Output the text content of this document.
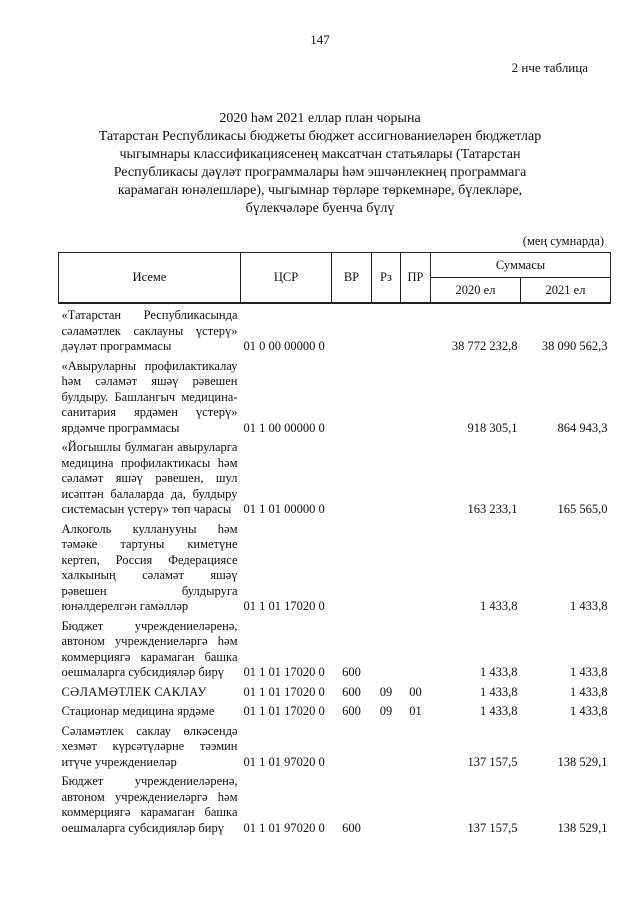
147
2 нче таблица
2020 һәм 2021 еллар план чорына
Татарстан Республикасы бюджеты бюджет ассигнованиеләрен бюджетлар чыгымнары классификациясенең максатчан статьялары (Татарстан Республикасы дәүләт программалары һәм эшчәнлекнең программага карамаган юнәлешләре), чыгымнар төрләре төркемнәре, бүлекләре, бүлекчәләре буенча бүлү
(мең сумнарда)
Исеме	ЦСР	ВР	Рз	ПР	Суммасы	
					2020 ел	2021 ел
«Татарстан Республикасында сәламәтлек саклауны үстерү» дәүләт программасы	01 0 00 00000 0				38 772 232,8	38 090 562,3
«Авыруларны профилактикалау һәм сәламәт яшәү рәвешен булдыру. Башлангыч медицина-санитария ярдәмен үстерү» ярдәмче программасы	01 1 00 00000 0				918 305,1	864 943,3
«Йогышлы булмаган авыруларга медицина профилактикасы һәм сәламәт яшәү рәвешен, шул исәптән балаларда да, булдыру системасын үстерү» төп чарасы	01 1 01 00000 0				163 233,1	165 565,0
Алкоголь кулланууны һәм тәмәке тартуны киметүне кертеп, Россия Федерациясе халкының сәламәт яшәү рәвешен булдыруга юнәлдерелгән гамәлләр	01 1 01 17020 0				1 433,8	1 433,8
Бюджет учреждениеләренә, автоном учреждениеләргә һәм коммерциягә карамаган башка оешмаларга субсидияләр бирү	01 1 01 17020 0	600			1 433,8	1 433,8
СӘЛАМӘТЛЕК САКЛАУ	01 1 01 17020 0	600	09	00	1 433,8	1 433,8
Стационар медицина ярдәме	01 1 01 17020 0	600	09	01	1 433,8	1 433,8
Сәламәтлек саклау өлкәсендә хезмәт күрсәтүләрне тәэмин итүче учреждениеләр	01 1 01 97020 0				137 157,5	138 529,1
Бюджет учреждениеләренә, автоном учреждениеләргә һәм коммерциягә карамаган башка оешмаларга субсидияләр бирү	01 1 01 97020 0	600			137 157,5	138 529,1
